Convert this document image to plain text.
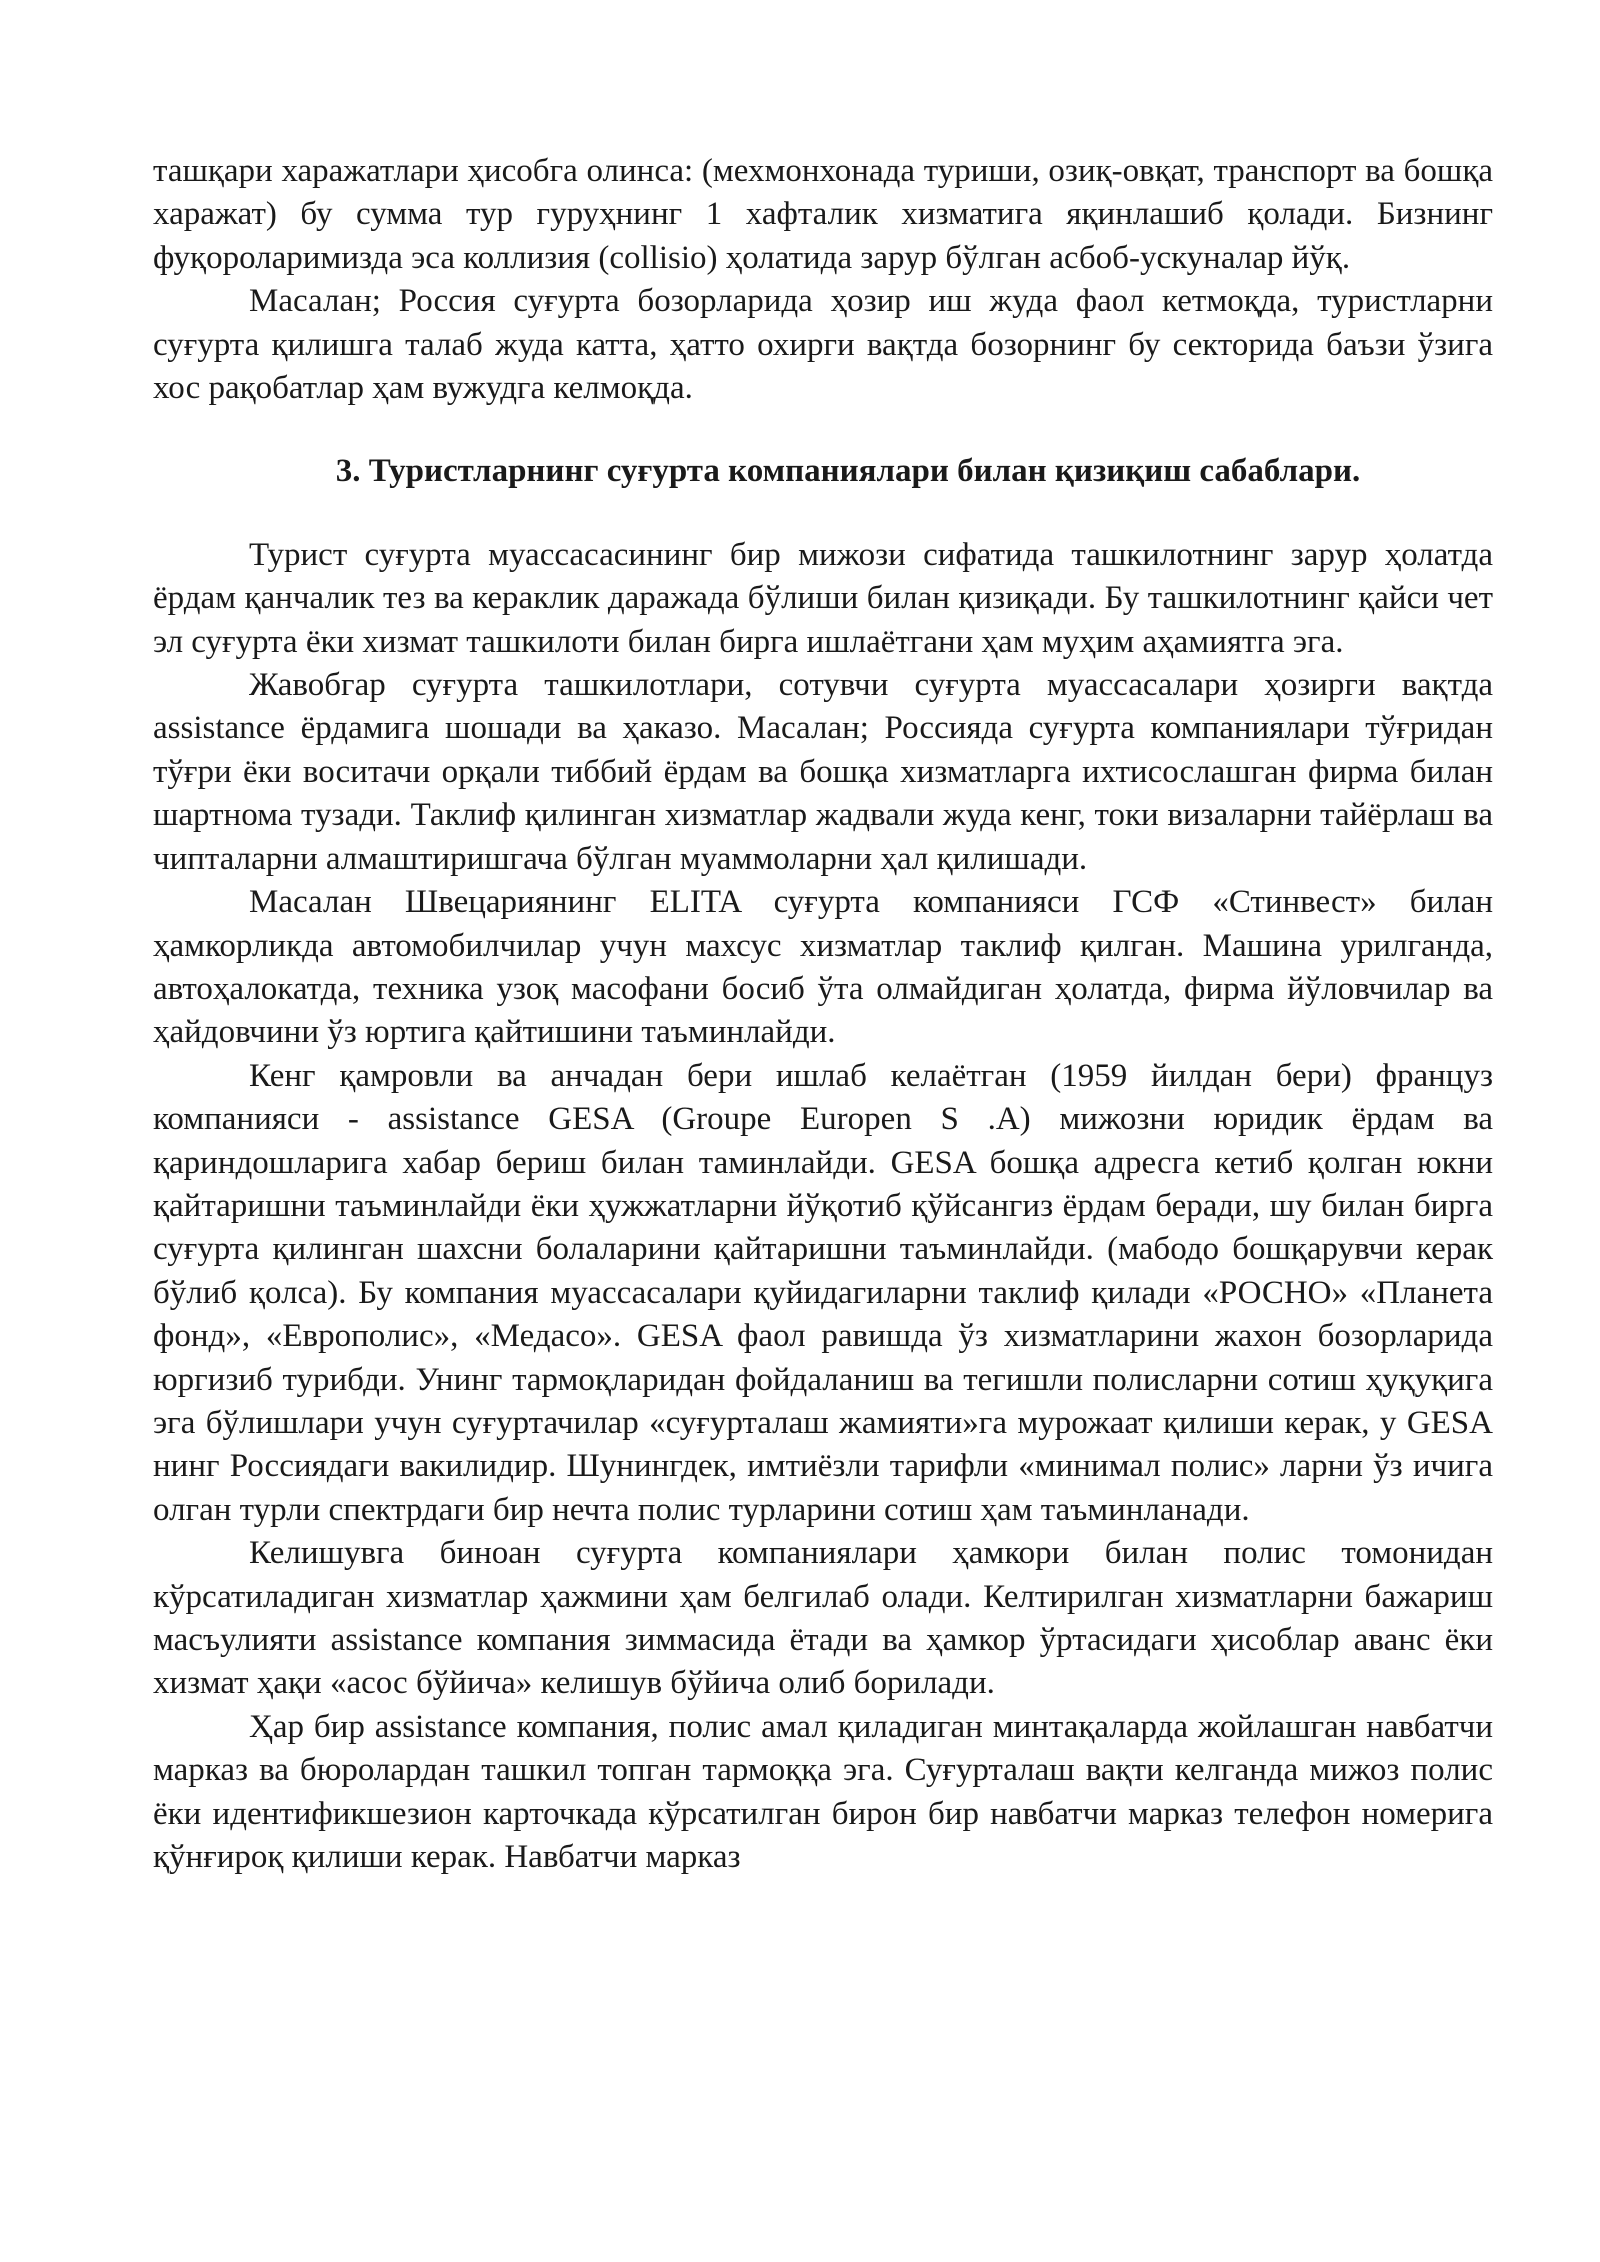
ташқари харажатлари ҳисобга олинса: (мехмонхонада туриши, озиқ-овқат, транспорт ва бошқа харажат) бу сумма тур гуруҳнинг 1 хафталик хизматига яқинлашиб қолади. Бизнинг фуқороларимизда эса коллизия (collisio) ҳолатида зарур бўлган асбоб-ускуналар йўқ.

Масалан; Россия суғурта бозорларида ҳозир иш жуда фаол кетмоқда, туристларни суғурта қилишга талаб жуда катта, ҳатто охирги вақтда бозорнинг бу секторида баъзи ўзига хос рақобатлар ҳам вужудга келмоқда.

3. Туристларнинг суғурта компаниялари билан қизиқиш сабаблари.

Турист суғурта муассасасининг бир мижози сифатида ташкилотнинг зарур ҳолатда ёрдам қанчалик тез ва кераклик даражада бўлиши билан қизиқади. Бу ташкилотнинг қайси чет эл суғурта ёки хизмат ташкилоти билан бирга ишлаётгани ҳам муҳим аҳамиятга эга.

Жавобгар суғурта ташкилотлари, сотувчи суғурта муассасалари ҳозирги вақтда assistance ёрдамига шошади ва ҳаказо. Масалан; Россияда суғурта компаниялари тўғридан тўғри ёки воситачи орқали тиббий ёрдам ва бошқа хизматларга ихтисослашган фирма билан шартнома тузади. Таклиф қилинган хизматлар жадвали жуда кенг, токи визаларни тайёрлаш ва чипталарни алмаштиришгача бўлган муаммоларни ҳал қилишади.

Масалан Швецариянинг ELITA суғурта компанияси ГСФ «Стинвест» билан ҳамкорликда автомобилчилар учун махсус хизматлар таклиф қилган. Машина урилганда, автоҳалокатда, техника узоқ масофани босиб ўта олмайдиган ҳолатда, фирма йўловчилар ва ҳайдовчини ўз юртига қайтишини таъминлайди.

Кенг қамровли ва анчадан бери ишлаб келаётган (1959 йилдан бери) француз компанияси - assistance GESA (Groupe Europen S .A) мижозни юридик ёрдам ва қариндошларига хабар бериш билан таминлайди. GESA бошқа адресга кетиб қолган юкни қайтаришни таъминлайди ёки ҳужжатларни йўқотиб қўйсангиз ёрдам беради, шу билан бирга суғурта қилинган шахсни болаларини қайтаришни таъминлайди. (мабодо бошқарувчи керак бўлиб қолса). Бу компания муассасалари қуйидагиларни таклиф қилади «РОСНО» «Планета фонд», «Европолис», «Медасо». GESA фаол равишда ўз хизматларини жахон бозорларида юргизиб турибди. Унинг тармоқларидан фойдаланиш ва тегишли полисларни сотиш ҳуқуқига эга бўлишлари учун суғуртачилар «суғурталаш жамияти»га мурожаат қилиши керак, у GESA нинг Россиядаги вакилидир. Шунингдек, имтиёзли тарифли «минимал полис» ларни ўз ичига олган турли спектрдаги бир нечта полис турларини сотиш ҳам таъминланади.

Келишувга биноан суғурта компаниялари ҳамкори билан полис томонидан кўрсатиладиган хизматлар ҳажмини ҳам белгилаб олади. Келтирилган хизматларни бажариш масъулияти assistance компания зиммасида ётади ва ҳамкор ўртасидаги ҳисоблар аванс ёки хизмат ҳақи «асос бўйича» келишув бўйича олиб борилади.

Ҳар бир assistance компания, полис амал қиладиган минтақаларда жойлашган навбатчи марказ ва бюролардан ташкил топган тармоққа эга. Суғурталаш вақти келганда мижоз полис ёки идентификшезион карточкада кўрсатилган бирон бир навбатчи марказ телефон номерига қўнғироқ қилиши керак. Навбатчи марказ
